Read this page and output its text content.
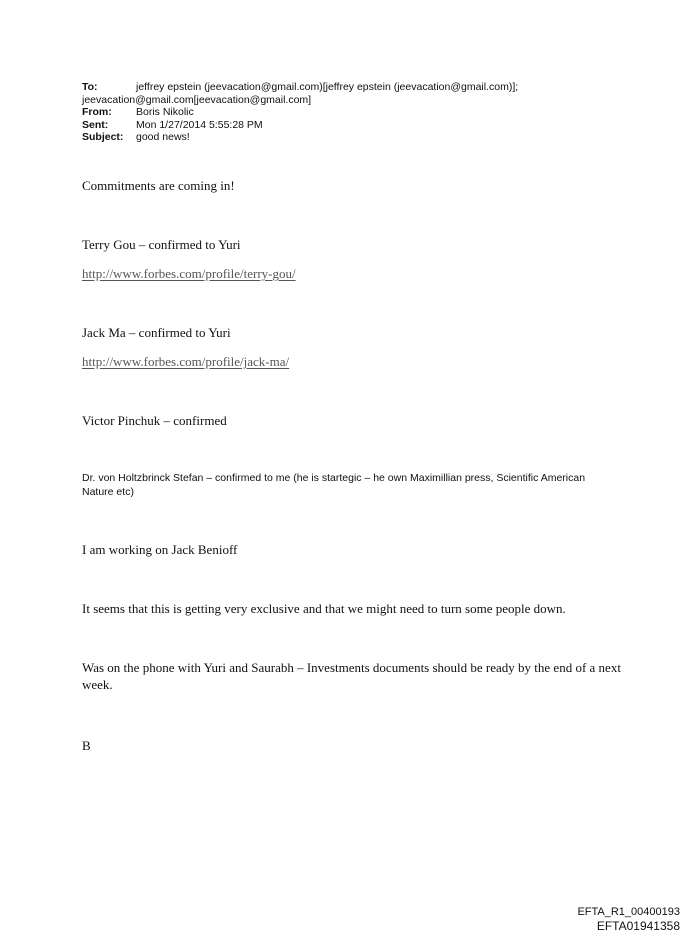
To:	jeffrey epstein (jeevacation@gmail.com)[jeffrey epstein (jeevacation@gmail.com)];
jeevacation@gmail.com[jeevacation@gmail.com]
From:	Boris Nikolic
Sent:	Mon 1/27/2014 5:55:28 PM
Subject:	good news!
Commitments are coming in!
Terry Gou – confirmed to Yuri
http://www.forbes.com/profile/terry-gou/
Jack Ma – confirmed to Yuri
http://www.forbes.com/profile/jack-ma/
Victor Pinchuk – confirmed
Dr. von Holtzbrinck Stefan – confirmed to me (he is startegic – he own Maximillian press, Scientific American Nature etc)
I am working on Jack Benioff
It seems that this is getting very exclusive and that we might need to turn some people down.
Was on the phone with Yuri and Saurabh – Investments documents should be ready by the end of a next week.
B
EFTA_R1_00400193
EFTA01941358
